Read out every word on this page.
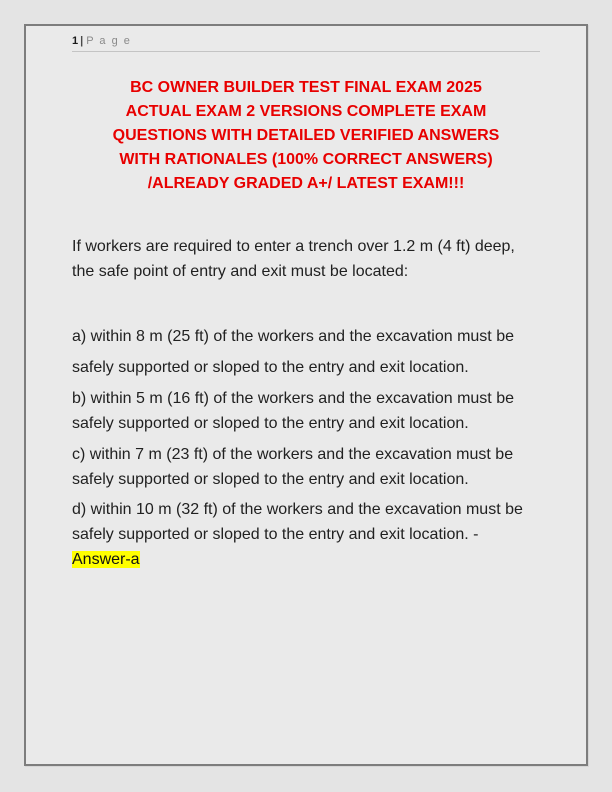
1 | P a g e
BC OWNER BUILDER TEST FINAL EXAM 2025
ACTUAL EXAM 2 VERSIONS COMPLETE EXAM
QUESTIONS WITH DETAILED VERIFIED ANSWERS
WITH RATIONALES (100% CORRECT ANSWERS)
/ALREADY GRADED A+/ LATEST EXAM!!!

If workers are required to enter a trench over 1.2 m (4 ft) deep, the safe point of entry and exit must be located:

a) within 8 m (25 ft) of the workers and the excavation must be

safely supported or sloped to the entry and exit location.

b) within 5 m (16 ft) of the workers and the excavation must be safely supported or sloped to the entry and exit location.

c) within 7 m (23 ft) of the workers and the excavation must be safely supported or sloped to the entry and exit location.

d) within 10 m (32 ft) of the workers and the excavation must be safely supported or sloped to the entry and exit location. - Answer-a
